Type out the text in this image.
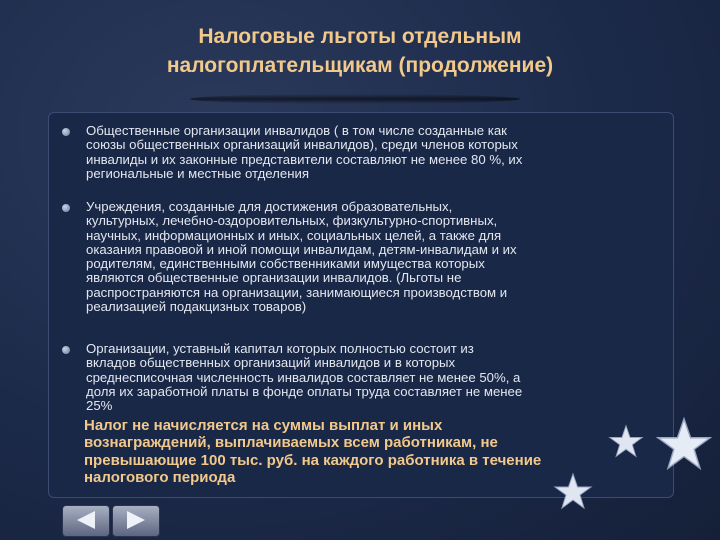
Налоговые льготы отдельным налогоплательщикам (продолжение)
Общественные организации инвалидов ( в том числе созданные как
союзы общественных организаций инвалидов), среди членов которых
инвалиды и их законные представители составляют не менее 80 %, их
региональные и местные отделения
Учреждения, созданные для достижения образовательных,
культурных, лечебно-оздоровительных, физкультурно-спортивных,
научных, информационных и иных, социальных целей, а также для
оказания правовой и иной помощи инвалидам, детям-инвалидам и их
родителям, единственными собственниками имущества которых
являются общественные организации инвалидов. (Льготы не
распространяются на организации, занимающиеся производством и
реализацией подакцизных товаров)
Организации, уставный капитал которых полностью состоит из
вкладов общественных организаций инвалидов и в которых
среднесписочная численность инвалидов составляет не менее 50%, а
доля их заработной платы в фонде оплаты труда составляет не менее
25%
Налог не начисляется на суммы выплат и иных
вознаграждений, выплачиваемых всем работникам, не
превышающие 100 тыс. руб. на каждого работника в течение
налогового периода
